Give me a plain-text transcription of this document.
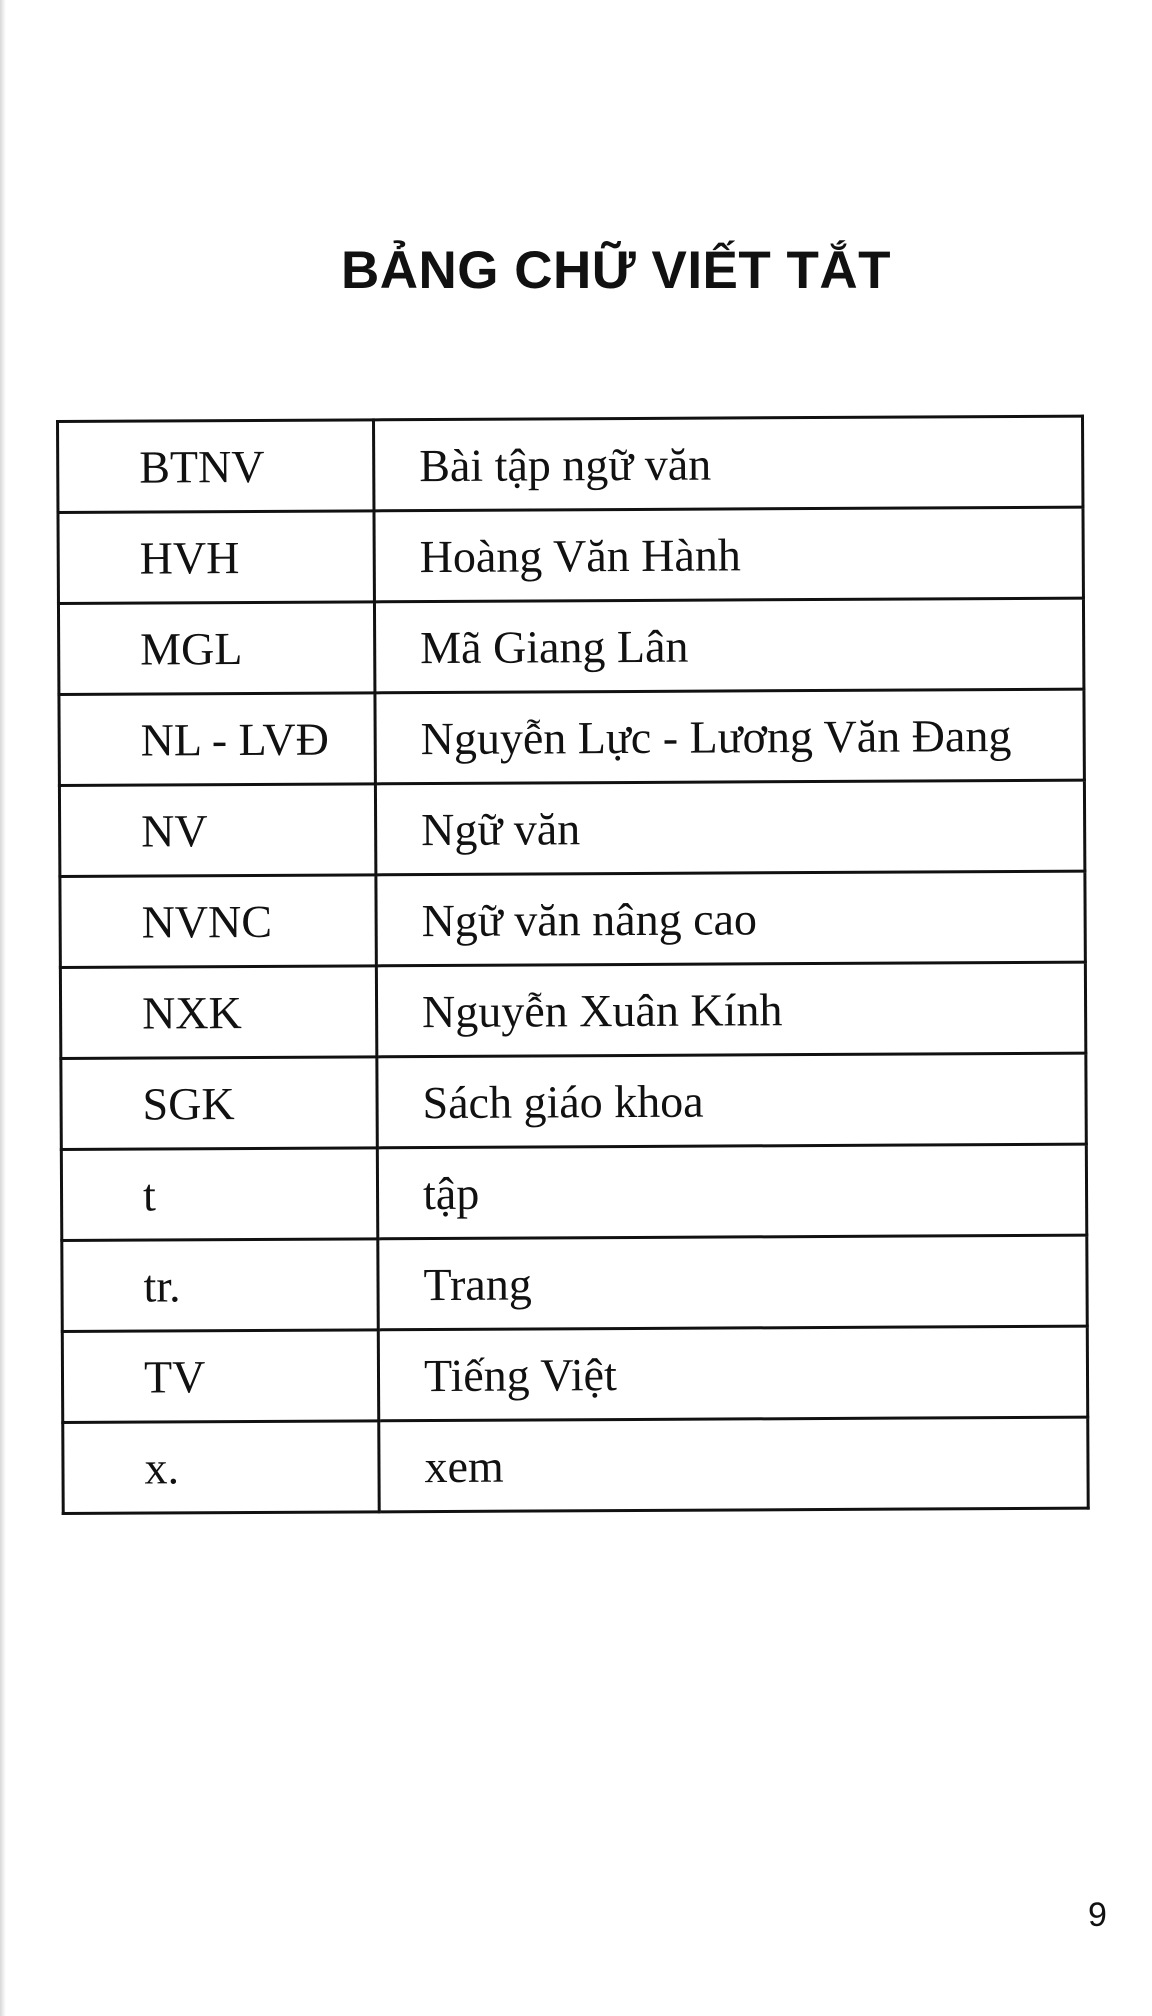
BẢNG CHỮ VIẾT TẮT
BTNV	Bài tập ngữ văn
HVH	Hoàng Văn Hành
MGL	Mã Giang Lân
NL - LVĐ	Nguyễn Lực - Lương Văn Đang
NV	Ngữ văn
NVNC	Ngữ văn nâng cao
NXK	Nguyễn Xuân Kính
SGK	Sách giáo khoa
t	tập
tr.	Trang
TV	Tiếng Việt
x.	xem
9
